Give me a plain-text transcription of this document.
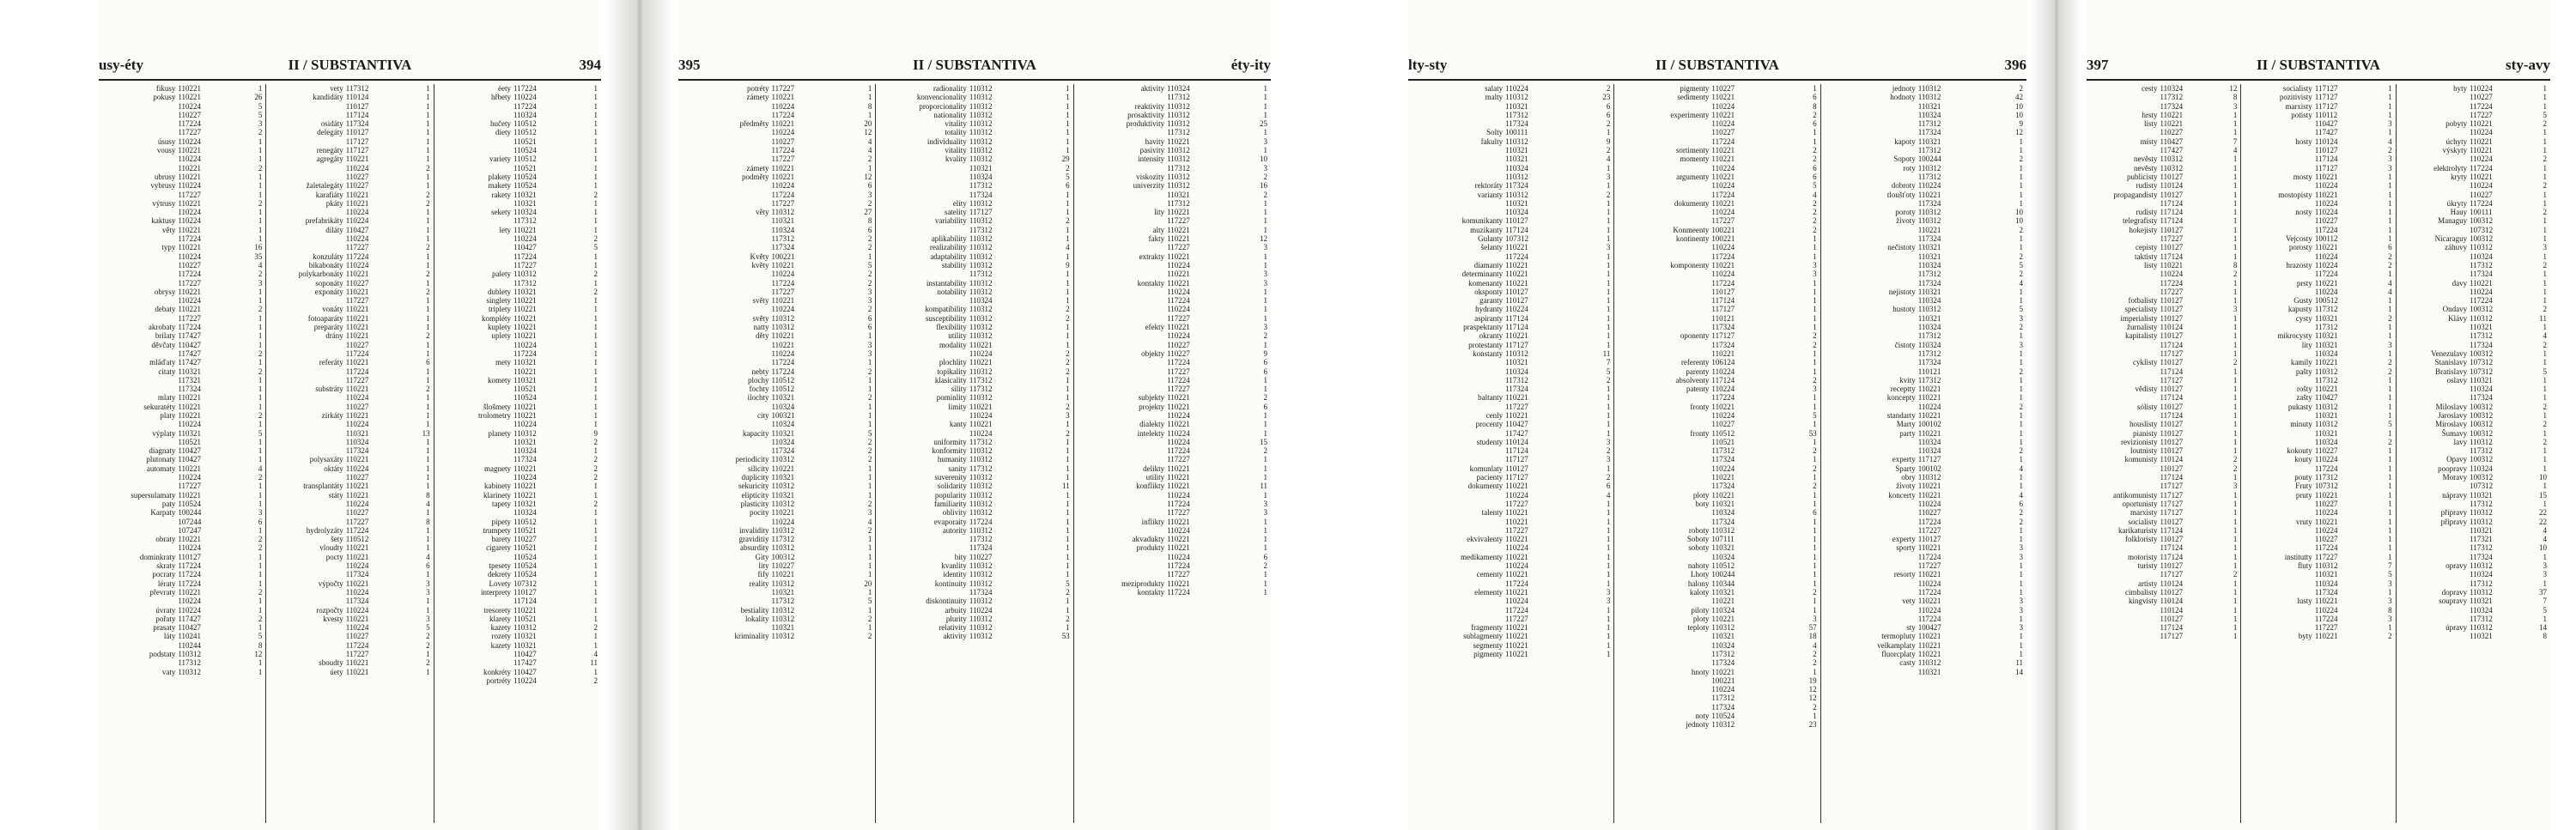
usy-éty	II / SUBSTANTIVA	394
fikusy 110221	1
pokusy 110221	26
110224	5
110227	5
117224	3
117227	2
úsusy 110224	1
vousy 110221	1
110224	1
110221	2
ubrusy 110221	1
vybrusy 110224	1
117227	1
výtrusy 110221	2
110224	1
kaktusy 110224	1
věty 110221	1
117224	1
typy 110221	16
110224	35
110227	4
117224	2
117227	3
obrysy 110221	1
110224	1
debaty 110221	2
117227	1
akrobaty 117224	1
brilaty 117427	1
děvčaty 110427	1
117427	2
mláďaty 117427	1
citaty 110321	2
117321	1
117324	1
mlaty 110221	1
sekuratéty 110221	1
platy 110221	2
110224	1
výplaty 110321	5
110521	1
diagnaty 110427	1
plutonaty 110427	1
automaty 110221	4
110224	2
117227	1
supersulamaty 110221	1
paty 110524	1
Karpaty 100244	3
107244	6
107247	1
obraty 110221	2
110224	2
dominkraty 110127	1
skraty 117224	1
pocraty 117224	1
lératy 117224	1
převraty 110221	2
110224	1
úvraty 110224	1
pořaty 117427	2
prasaty 110427	1
láty 110241	5
110244	8
podstaty 110312	12
117312	1
vaty 110312	1
vety 117312	1
kandidáty 110124	1
110127	1
117124	1
osidáty 117324	1
delegáty 110127	1
117127	1
renegáty 117127	1
agregáty 110221	1
110224	2
110227	1
žaletalegáty 110227	1
karafiáty 110221	2
pkáty 110221	2
110224	1
prefabrikáty 110224	1
diláty 110427	1
110224	1
117227	2
konzuláty 117224	1
bikabonáty 110224	1
polykarbonáty 110221	2
soponáty 110227	1
exponáty 110221	2
117227	1
vonáty 110221	1
fotoaparáty 110221	1
preparáty 110221	1
drány 110221	2
110227	1
117224	1
referáty 110221	6
117224	1
117227	1
substráty 110221	2
110224	1
110227	1
zirkáty 110221	1
110224	1
110321	13
110324	1
117324	1
polysaxáty 110221	1
oktáty 110224	1
110227	1
transplantáty 110221	1
státy 110221	8
110224	4
110227	1
117227	8
hydrolyzáty 117224	1
šety 110512	1
vloudty 110221	1
pocty 110221	4
110224	6
117324	1
výpočty 110221	3
110224	3
117324	1
rozpočty 110224	1
kvesty 110221	3
110224	5
110227	2
117224	2
117227	1
sboudty 110221	2
úety 110221	1
éety 117224	1
hřbety 110224	1
117224	1
110324	1
hučety 110512	1
díety 110512	1
110521	1
110524	1
variety 110512	1
110521	1
plakety 110524	1
makety 110524	1
rakety 110321	2
110321	1
sekety 110324	1
117312	1
lety 110221	1
110224	2
110427	5
117224	1
117227	1
palety 110312	2
117312	1
dublety 110321	2
singlety 110221	1
triplety 110221	1
kompléty 110221	1
kuplety 110221	1
uplety 110221	1
110224	1
117224	1
mety 110321	1
110221	1
komety 110321	1
110521	1
110524	1
šlošmety 110221	1
trolometry 110221	1
110224	1
planety 110312	9
110321	2
110324	1
117324	2
magnety 110221	2
110224	2
kabinety 110221	1
klarinety 110221	1
tapety 110321	2
110324	1
pipety 110512	1
trumpety 110521	1
barety 110227	1
cigarety 110521	1
110524	1
tpesety 110524	1
dekrety 110524	1
Lovety 107312	1
interprety 110127	1
117124	1
tresorety 110221	1
klarety 110521	1
kazety 110312	2
rozety 110321	1
kazety 110321	1
110427	4
117427	11
konkréty 110427	1
portréty 110224	2
395	II / SUBSTANTIVA	éty-ity
potréty 117227	1
zámety 110221	1
110224	8
117224	1
předměty 110221	20
110224	12
110227	4
117224	4
117227	2
zámety 110221	1
podměty 110221	12
110224	6
117224	3
117227	2
věty 110312	27
110321	8
110324	6
117312	2
117324	2
Květy 100221	1
květy 110221	5
110224	2
117224	2
117227	3
světy 110221	3
110224	2
světy 110312	6
natty 110312	6
děty 110221	1
110221	3
110224	3
117224	1
nebty 117224	2
plochy 110512	1
fochty 110512	1
ilochty 110321	2
110324	1
city 100321	1
110324	1
kapacity 110321	5
110324	2
117324	2
periodicity 110312	2
silicity 110221	1
duplicity 110321	1
sekuricity 110312	1
elipticity 110321	1
plasticity 110312	2
pocity 110221	3
110224	4
invalidity 110312	2
graviditiy 117312	1
absurdity 110312	1
Gity 100312	1
lity 110227	1
fify 110221	1
reality 110312	20
110321	1
117312	5
bestiality 110312	1
lokality 110312	2
110321	1
kriminality 110312	2
radionality 110312	1
konvencionality 110312	1
proporcionality 110312	1
nationality 110312	1
vitality 110312	1
totality 110312	1
individuality 110312	1
vitality 110312	1
kvality 110312	29
110321	2
110324	5
117312	6
117324	1
elity 110312	1
satelity 117127	1
variability 110312	2
117312	1
aplikability 110312	1
realizability 110312	4
adaptability 110312	1
stability 110312	9
117312	1
instantability 110312	1
notability 110312	1
110324	1
kompatibility 110312	2
susceptibility 110312	2
flexibility 110312	1
utility 110312	1
modality 110221	1
110224	2
plochlity 110221	2
topikality 110312	2
klasicality 117312	1
sility 117312	1
pominlity 110312	1
limity 110221	2
110224	3
kanty 110221	1
110224	2
uniformity 117312	1
konformity 110312	1
humanity 110312	1
sanity 117312	1
suverenity 110312	1
solidarity 110312	11
popularity 110312	1
familiarity 110312	1
oblivity 110312	1
evaporaity 117224	1
autority 110312	1
117312	1
117324	1
bity 110227	1
kvanlity 110312	1
identity 110312	1
kontinuity 110312	5
117324	2
diskontinuity 110312	1
arbuity 110224	1
plurity 110312	2
relativity 110312	1
aktivity 110312	53
aktivity 110324	1
117312	1
reaktivity 110312	1
prosaktivity 110312	1
produktivity 110312	25
117312	1
havity 110221	3
pasivity 110312	1
intensity 110312	10
117312	3
viskozity 110312	2
univerzity 110312	16
110321	2
117312	1
lity 110221	1
117227	1
alty 110221	1
fakty 110221	12
117227	3
extrakty 110221	1
110224	1
110221	3
kontakty 110221	3
110224	1
117224	1
110224	1
117227	1
efekty 110221	3
110224	2
110227	1
objekty 110227	9
117224	6
117227	6
117224	1
117227	1
subjekty 110221	2
projekty 110221	6
110224	1
dialekty 110221	1
intelekty 110224	1
110224	15
117224	2
117227	1
delikty 110221	1
utility 110221	1
konflikty 110221	11
110224	1
117224	3
117227	3
inflikty 110221	1
110224	1
akvadukty 110221	1
produkty 110221	1
110224	6
117224	2
117227	1
meziprodukty 110221	1
kontakty 117224	1
lty-sty	II / SUBSTANTIVA	396
salaty 110224	2
malty 110312	23
110321	6
117312	6
117324	2
Solty 100111	1
fakulty 110312	9
110321	2
110321	4
110324	1
110312	3
rektoráty 117324	1
varianty 110312	2
110321	1
110324	1
komunikanty 110127	1
muzikanty 117124	1
Gulanty 107312	1
šelanty 110221	3
117224	1
diamanty 110221	1
determinanty 110221	1
komenanty 110221	1
oksponty 110127	1
garanty 110127	1
hydranty 110224	1
aspiranty 117124	1
praspektanty 117124	1
okranty 110221	1
protestanty 117127	1
konstanty 110312	11
110321	7
110324	5
117312	2
117324	1
baltanty 110221	1
117227	1
cenly 110221	1
procenty 110427	1
117427	1
studenty 110124	3
117124	2
117127	3
komunlaty 110127	1
pacienty 117127	2
dokumenty 110221	6
110224	4
117227	1
talenty 110221	1
110221	1
117227	1
ekvivalenty 110221	1
110224	1
medikamenty 110221	1
110224	1
cementy 110221	1
117224	1
elementy 110221	3
110224	3
117224	1
117227	1
fragmenty 110221	1
sublagmenty 110221	1
segmenty 110221	1
pigmenty 110221	1
pigmenty 110227	1
sedimenty 110221	6
110224	8
experimenty 110221	2
110224	6
110227	1
117224	1
sortimenty 110221	2
momenty 110221	2
110224	6
argumenty 110221	6
110224	5
117224	4
dokumenty 110221	2
110224	2
117227	2
Konmeenty 100221	2
kontinenty 100221	1
110224	1
117224	1
komponenty 110221	3
110224	3
117224	1
110127	1
117124	1
117127	1
110121	1
117324	1
oponenty 117127	2
117324	2
110221	1
referenty 106124	1
parenty 110224	1
absolventy 117124	2
patenty 110224	3
117224	1
fronty 110221	1
110224	5
110227	1
fronty 110512	53
110521	1
117312	2
117324	1
110224	2
110221	1
117324	2
ploty 110221	1
boty 110321	1
110324	6
117324	1
roboty 110312	1
Soboty 107111	1
soboty 110321	1
110324	1
nahoty 110512	1
Lhoty 100244	1
halony 110344	1
kaloty 110321	2
110221	1
piloty 110324	1
ploty 110221	3
teploty 110312	57
110321	18
110324	4
117312	2
117324	2
hnoty 110221	1
100221	19
110224	12
117312	12
117324	2
noty 110524	1
jednoty 110312	23
jednoty 110312	2
hodnoty 110312	42
110321	10
110324	10
117312	9
117324	12
kapoty 110321	1
117312	1
Sopoty 100244	2
roty 110312	1
117312	1
dobroty 110224	1
tloušťoty 110221	1
117324	1
poroty 110312	10
životy 110312	10
110221	2
117324	1
nečistoty 110321	1
110321	2
110324	5
117312	2
117324	4
nejistoty 110321	1
110324	1
hustoty 110312	5
110321	3
110324	2
117312	1
čistoty 110324	3
117312	1
117324	1
110121	2
kvity 117312	1
receptty 110221	1
koncepty 110221	1
110224	2
standarty 110221	1
Marty 100102	1
party 110221	1
110324	1
110324	2
experty 117127	1
Sparty 100102	4
obry 110312	1
životy 110221	1
koncerty 110221	4
110224	6
110227	2
117224	2
117227	1
experty 110127	1
sporty 110221	3
117224	3
117227	1
resorty 110221	1
110224	1
117224	1
vety 110221	3
110224	3
117224	1
sty 100427	3
termopluty 110221	1
velkamplaty 110221	1
fluorcplaty 110221	1
casty 110312	11
110321	14
397	II / SUBSTANTIVA	sty-avy
cesty 110324	12
117312	8
117324	3
hrsty 110221	1
listy 110221	1
110227	1
místy 110427	7
117427	4
nevěsty 110312	1
nevěsty 110312	1
publicisty 110127	1
rudisty 110124	1
propagandisty 110127	1
117124	1
rudisty 117124	1
telegrafisty 117124	1
hokejisty 110127	1
117227	1
cepisty 110127	1
taktisty 117124	1
listy 110221	8
110224	2
117224	1
117227	1
fotbalisty 110127	1
specialisty 110127	3
imperialisty 110127	1
žurnalisty 110124	1
kapitalisty 110127	1
117124	1
117127	1
cyklisty 110127	2
117124	1
117127	1
vědisty 110127	1
117124	1
sólisty 110127	1
117124	1
houslisty 110127	1
pianisty 110127	1
revizionisty 110127	1
loutnisty 110127	1
komunisty 110124	2
110127	2
117124	1
117127	3
antikomunisty 117127	1
oportunisty 117127	1
marxisty 117127	1
socialisty 110127	1
karikaturisty 117124	1
folkloristy 110127	1
117124	1
motoristy 117124	1
turisty 110127	1
117127	2
artisty 110124	1
cimbalisty 110127	1
kingvisty 110124	1
110124	1
110127	1
117124	1
117127	1
socialisty 117127	1
pozitivisty 117127	1
marxisty 117127	1
potisty 110112	1
110427	3
117427	1
hosty 110124	4
110127	2
117124	3
117127	3
mosty 110221	1
110224	1
mostopisty 110221	1
110224	1
nosty 110224	1
110227	1
117224	1
Vejcosty 100112	1
porosty 110221	6
110224	2
hrazosty 110224	2
117224	1
prsty 110221	4
110224	4
Gusty 100512	1
kapusty 117312	1
cysty 110321	2
117312	1
mikrocysty 110321	1
lity 110321	3
110324	1
kamily 110221	2
pašty 110312	2
117312	1
rošty 110221	1
zašty 110427	1
pukasty 110312	1
110321	1
minuty 110312	5
110321	1
110324	2
kokouty 110227	1
kouty 110224	1
117224	1
pouty 117312	1
Fruty 107312	1
pruty 110221	1
110227	1
110224	1
vruty 110221	1
110224	1
110227	1
117224	1
institutty 117227	1
fluty 110312	7
110321	5
110324	3
117324	1
lusty 110221	3
110224	8
117224	3
117227	1
byty 110221	2
byty 110224	1
110227	1
117224	1
117227	5
pobyty 110221	2
110224	1
úchyty 110221	1
výskyty 110221	1
110224	2
elektrolyty 117224	1
kryty 110221	1
110224	2
110227	1
úkryty 117224	1
Hauy 100111	2
Managuy 100312	1
107312	1
Nicaraguy 100312	1
záhuvy 110312	3
110324	1
117312	2
117324	1
davy 110221	1
110224	1
117224	1
Ondavy 100312	2
Klávy 110312	11
110321	1
117312	4
117324	2
Venezulavy 100312	1
Stanislavy 107312	1
Bratislavy 107312	5
oslavy 110321	1
110324	1
117324	1
Miloslavy 100312	2
Jaroslavy 100312	1
Miroslavy 100312	2
Šumavy 100312	1
lavy 110312	2
117312	1
Opavy 100312	1
poopravy 110324	1
Moravy 100312	10
107312	1
nápravy 110321	15
117312	1
přípravy 110312	22
přípravy 110312	22
110321	4
117321	4
117312	10
117324	1
opravy 110312	3
110324	3
117312	1
dopravy 110312	37
soupravy 110321	7
110324	5
117312	1
úpravy 110312	14
110321	8
